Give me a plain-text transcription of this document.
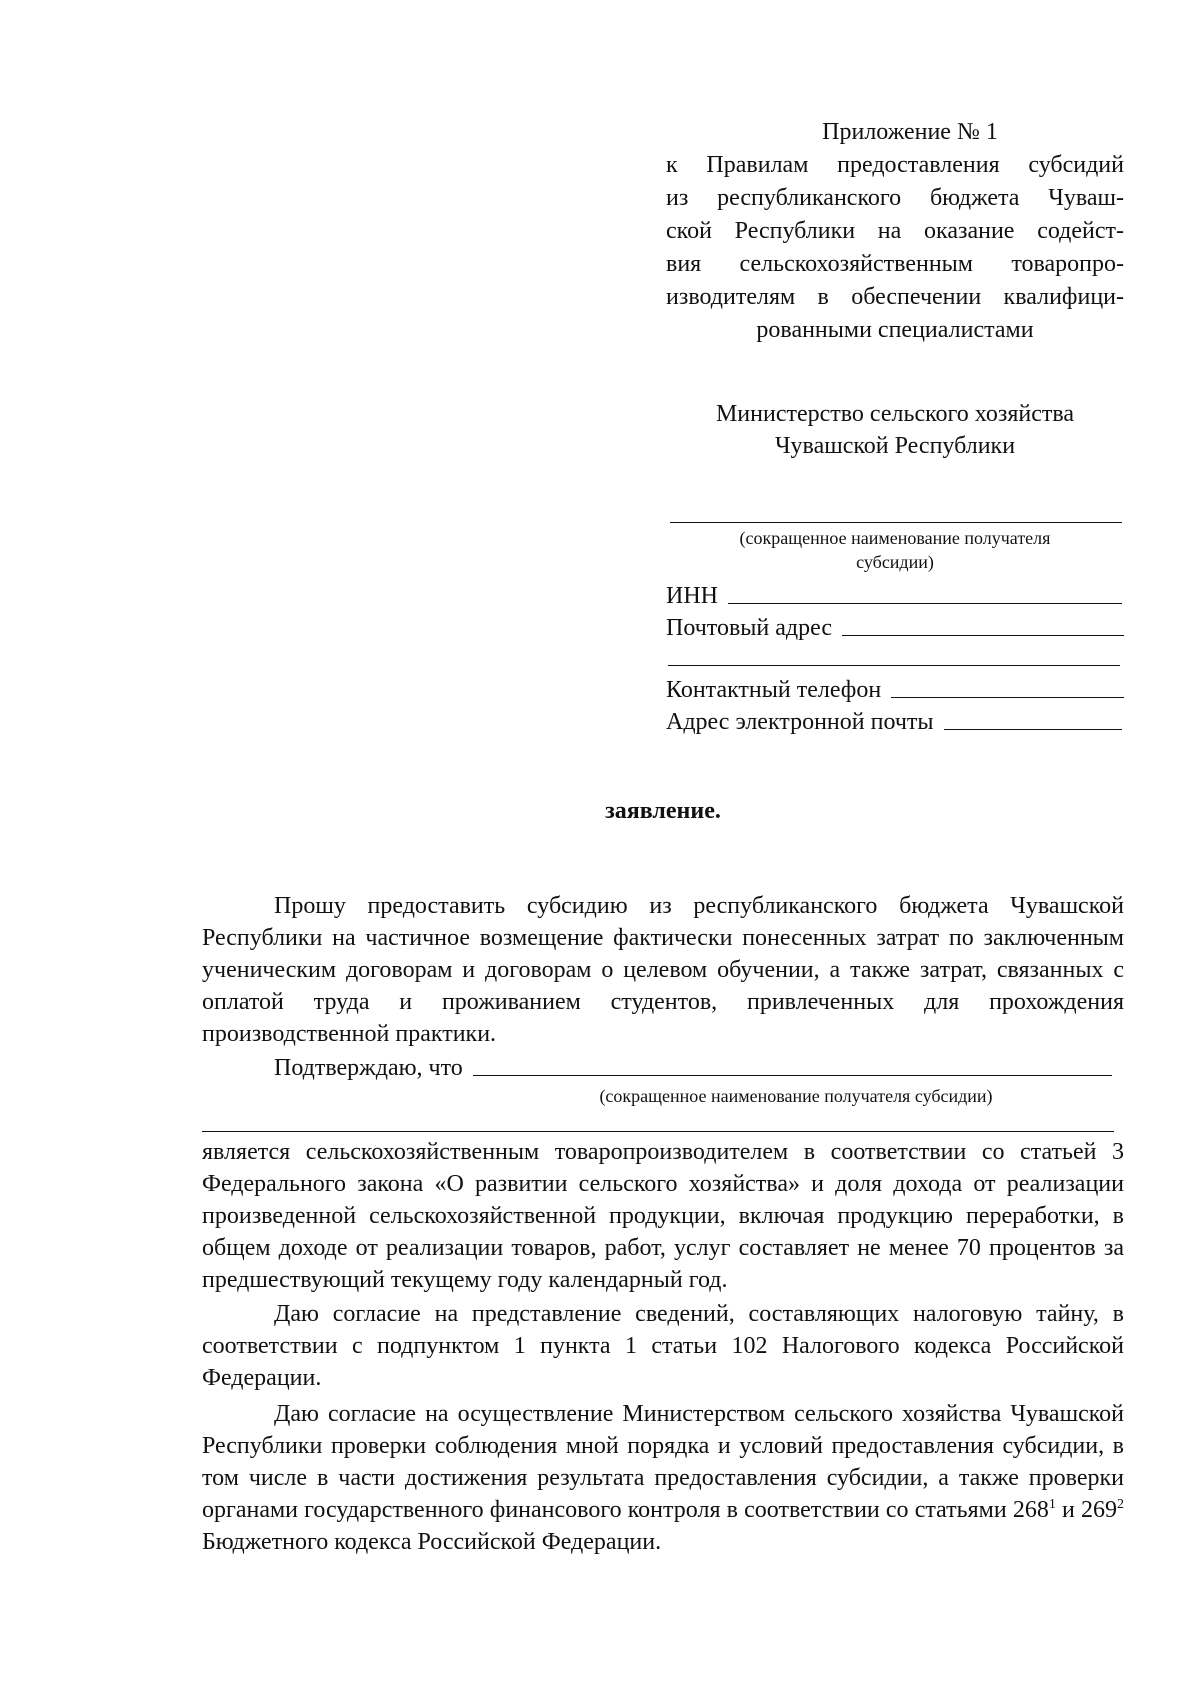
Приложение № 1
к Правилам предоставления субсидий
из республиканского бюджета Чуваш-
ской Республики на оказание содейст-
вия сельскохозяйственным товаропро-
изводителям в обеспечении квалифици-
рованными специалистами
Министерство сельского хозяйства
Чувашской Республики
(сокращенное наименование получателя
субсидии)
ИНН
Почтовый адрес
Контактный телефон
Адрес электронной почты
заявление.

Прошу предоставить субсидию из республиканского бюджета Чувашской Республики на частичное возмещение фактически понесенных затрат по заключенным ученическим договорам и договорам о целевом обучении, а также затрат, связанных с оплатой труда и проживанием студентов, привлеченных для прохождения производственной практики.

Подтверждаю, что
(сокращенное наименование получателя субсидии)

является сельскохозяйственным товаропроизводителем в соответствии со статьей 3 Федерального закона «О развитии сельского хозяйства» и доля дохода от реализации произведенной сельскохозяйственной продукции, включая продукцию переработки, в общем доходе от реализации товаров, работ, услуг составляет не менее 70 процентов за предшествующий текущему году календарный год.

Даю согласие на представление сведений, составляющих налоговую тайну, в соответствии с подпунктом 1 пункта 1 статьи 102 Налогового кодекса Российской Федерации.

Даю согласие на осуществление Министерством сельского хозяйства Чувашской Республики проверки соблюдения мной порядка и условий предоставления субсидии, в том числе в части достижения результата предоставления субсидии, а также проверки органами государственного финансового контроля в соответствии со статьями $268^1$ и $269^2$ Бюджетного кодекса Российской Федерации.
